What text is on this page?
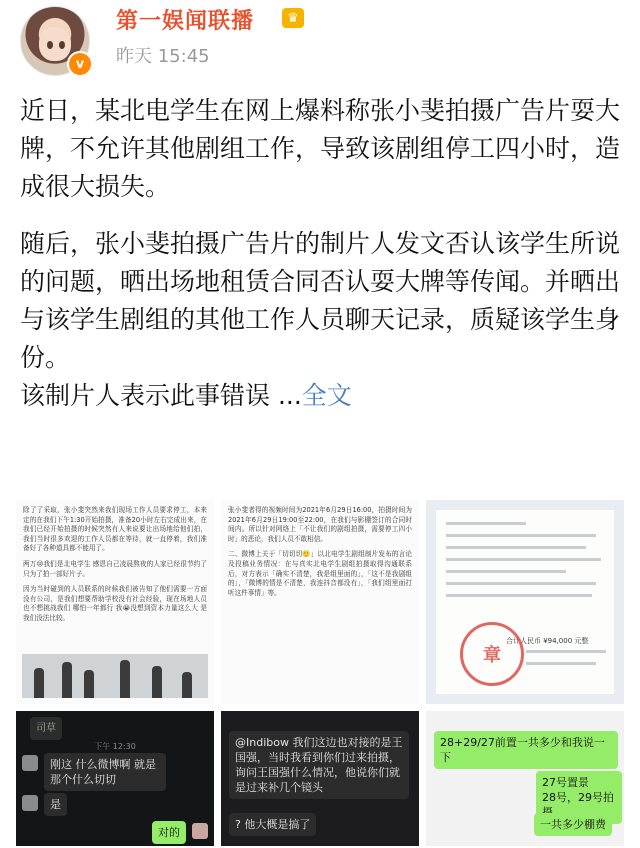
v
第一娱闻联播	♛
昨天 15:45

近日，某北电学生在网上爆料称张小斐拍摄广告片耍大牌，不允许其他剧组工作，导致该剧组停工四小时，造成很大损失。

随后，张小斐拍摄广告片的制片人发文否认该学生所说的问题，晒出场地租赁合同否认耍大牌等传闻。并晒出与该学生剧组的其他工作人员聊天记录，质疑该学生身份。

该制片人表示此事错误 ...全文

除了了采取，张小斐突然来我们现场工作人员要求停工，本来定的在我们下午1:30开始拍摄，准备20小时左右完成出来，在我们已经开始拍摄的时候突然有人来说要让出场地给他们拍，我们当时很多欢迎的工作人员都在等待，就一直停着，我们准备好了各种道具都不能用了。
两万😢我们是北电学生 感恩自己凌晨熬夜的人家已经很节约了 只为了拍一部好片子。
因为当时碰到的人员联系的时候我们被告知了他们需要一方面没有公司，是我们想要帮助学校没有社会经验，现在场地人员也不想挑战我们 哪怕一年都行 我😭没想到资本力量这么大 是我们没法比较。
张小斐者得的视频时间为2021年6月29日16:00，拍摄时间为2021年6月29日19:00至22:00，在我们与影棚签订的合同时间内。所以针对网络上「不让我们的剧组拍摄，需要停工四小时」的恶论，我们人员不敢相信。
二、微博上关于「切切切🙂」以北电学生剧组制片发布的言论及投稿业务情况：在与真实北电学生剧组拍摄取得沟通联系后，对方表示「确实不清楚，我是组里面的」，「这不是我剧组的」，「微博的情是不清楚，我连抖音都没有」，「我们组里面打听这件事情」等。
合计人民币 ¥94,000 元整
章
司草
下午 12:30
刚这 什么微博啊 就是那个什么切切
是
对的
@Indibow 我们这边也对接的是王国强，当时我看到你们过来拍摄，询问王国强什么情况，他说你们就是过来补几个镜头
? 他大概是搞了
28+29/27前置一共多少和我说一下
27号置景
28号，29号拍
一共多少棚费
